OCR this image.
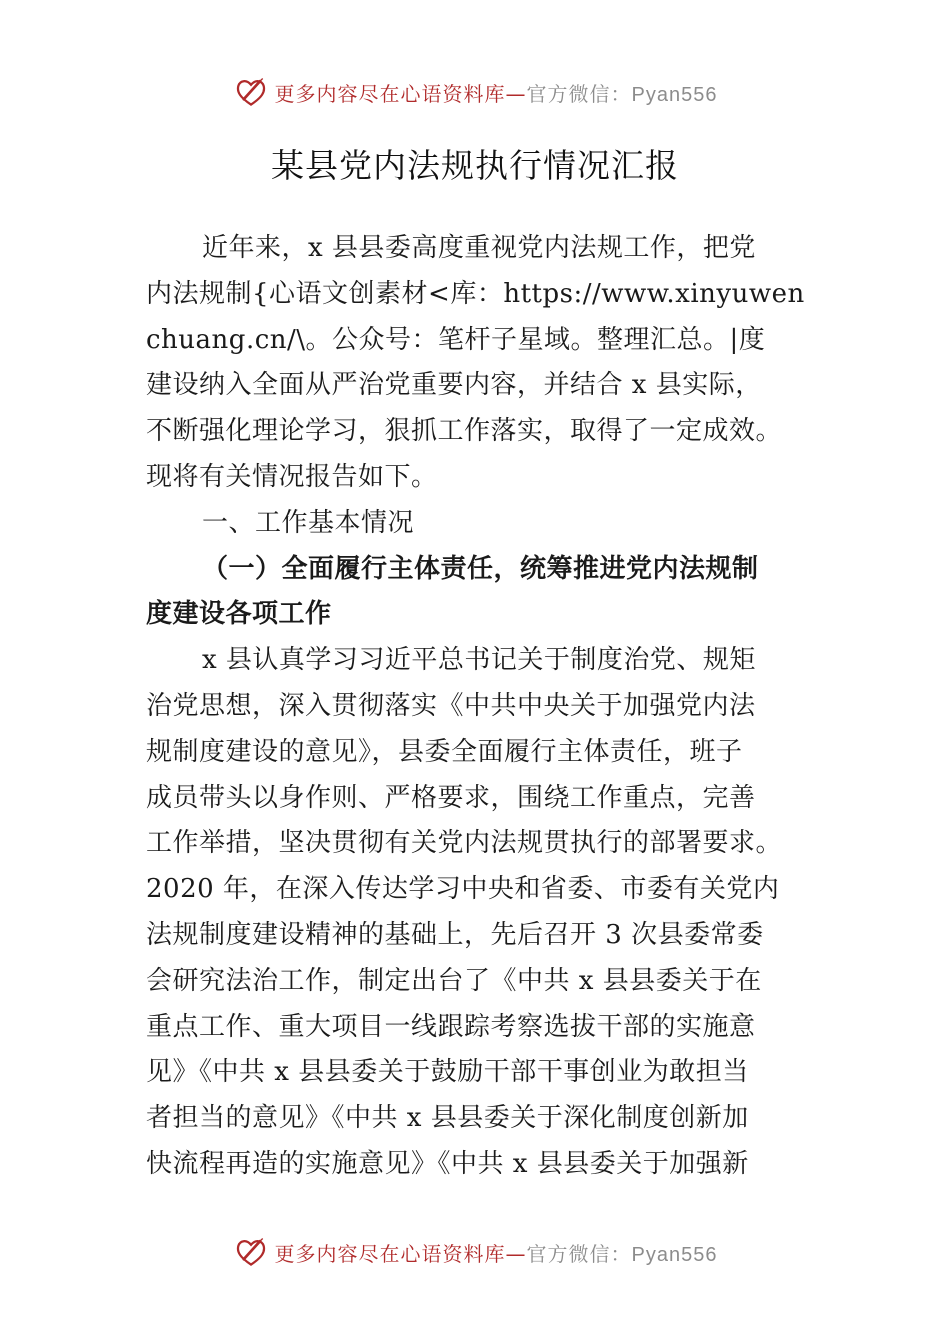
更多内容尽在心语资料库—官方微信：Pyan556
某县党内法规执行情况汇报
近年来，x 县县委高度重视党内法规工作，把党
内法规制{心语文创素材<库：https://www.xinyuwen
chuang.cn/\。公众号：笔杆子星域。整理汇总。|度
建设纳入全面从严治党重要内容，并结合 x 县实际，
不断强化理论学习，狠抓工作落实，取得了一定成效。
现将有关情况报告如下。
一、工作基本情况
（一）全面履行主体责任，统筹推进党内法规制
度建设各项工作
x 县认真学习习近平总书记关于制度治党、规矩
治党思想，深入贯彻落实《中共中央关于加强党内法
规制度建设的意见》，县委全面履行主体责任，班子
成员带头以身作则、严格要求，围绕工作重点，完善
工作举措，坚决贯彻有关党内法规贯执行的部署要求。
2020 年，在深入传达学习中央和省委、市委有关党内
法规制度建设精神的基础上，先后召开 3 次县委常委
会研究法治工作，制定出台了《中共 x 县县委关于在
重点工作、重大项目一线跟踪考察选拔干部的实施意
见》《中共 x 县县委关于鼓励干部干事创业为敢担当
者担当的意见》《中共 x 县县委关于深化制度创新加
快流程再造的实施意见》《中共 x 县县委关于加强新
更多内容尽在心语资料库—官方微信：Pyan556
